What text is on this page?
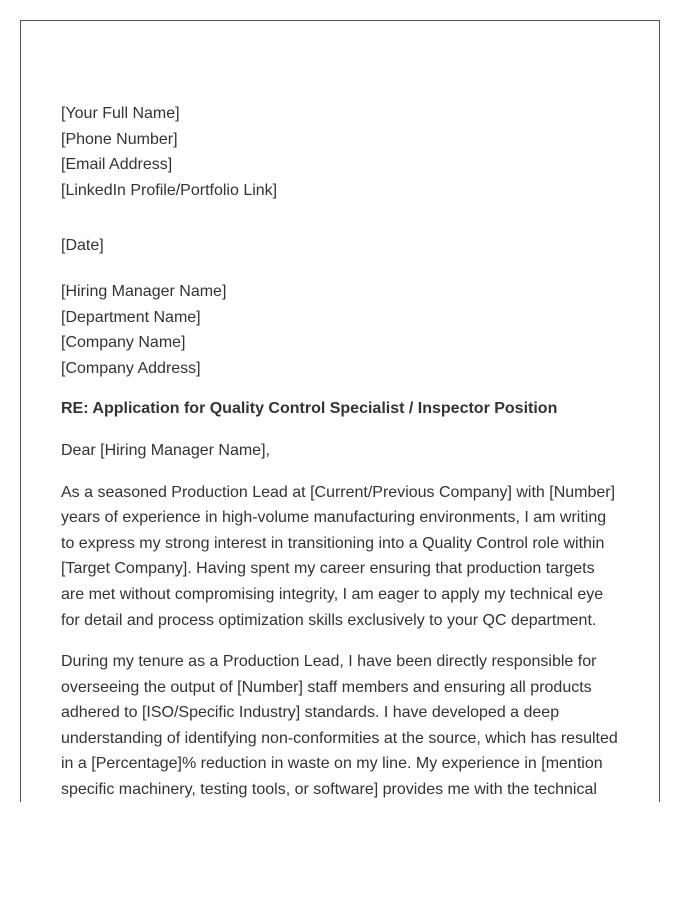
[Your Full Name]
[Phone Number]
[Email Address]
[LinkedIn Profile/Portfolio Link]
[Date]
[Hiring Manager Name]
[Department Name]
[Company Name]
[Company Address]
RE: Application for Quality Control Specialist / Inspector Position
Dear [Hiring Manager Name],
As a seasoned Production Lead at [Current/Previous Company] with [Number]
years of experience in high-volume manufacturing environments, I am writing
to express my strong interest in transitioning into a Quality Control role within
[Target Company]. Having spent my career ensuring that production targets
are met without compromising integrity, I am eager to apply my technical eye
for detail and process optimization skills exclusively to your QC department.
During my tenure as a Production Lead, I have been directly responsible for
overseeing the output of [Number] staff members and ensuring all products
adhered to [ISO/Specific Industry] standards. I have developed a deep
understanding of identifying non-conformities at the source, which has resulted
in a [Percentage]% reduction in waste on my line. My experience in [mention
specific machinery, testing tools, or software] provides me with the technical
